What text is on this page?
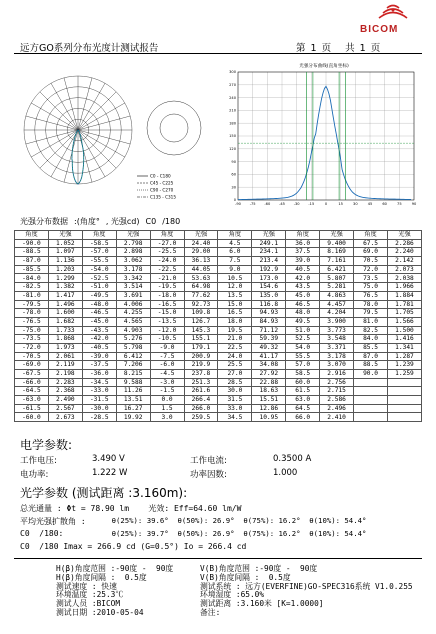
BICOM
远方GO系列分布光度计测试报告	第 1 页 共 1 页
C0 - C180
C45 - C225
C90 - C270
C135 - C315
光强分布曲线(直角坐标)
300
270
240
210
180
150
120
90
60
30
0
-90 -75 -60 -45 -30 -15	0	15	30	45	60	75	90
光强分布数据 :(角度° , 光强cd) C0 /180
角度	光强	角度	光强	角度	光强	角度	光强	角度	光强	角度	光强
-90.0	1.052	-58.5	2.798	-27.0	24.40	4.5	249.1	36.0	9.400	67.5	2.286
-88.5	1.097	-57.0	2.898	-25.5	29.00	6.0	234.1	37.5	8.169	69.0	2.240
-87.0	1.136	-55.5	3.062	-24.0	36.13	7.5	213.4	39.0	7.161	70.5	2.142
-85.5	1.203	-54.0	3.178	-22.5	44.05	9.0	192.9	40.5	6.421	72.0	2.073
-84.0	1.299	-52.5	3.342	-21.0	53.63	10.5	173.0	42.0	5.807	73.5	2.038
-82.5	1.382	-51.0	3.514	-19.5	64.98	12.0	154.6	43.5	5.281	75.0	1.966
-81.0	1.417	-49.5	3.691	-18.0	77.62	13.5	135.0	45.0	4.863	76.5	1.884
-79.5	1.496	-48.0	4.006	-16.5	92.73	15.0	116.8	46.5	4.457	78.0	1.781
-78.0	1.600	-46.5	4.255	-15.0	109.8	16.5	94.93	48.0	4.204	79.5	1.705
-76.5	1.682	-45.0	4.565	-13.5	126.7	18.0	84.93	49.5	3.900	81.0	1.566
-75.0	1.733	-43.5	4.903	-12.0	145.3	19.5	71.12	51.0	3.773	82.5	1.500
-73.5	1.868	-42.0	5.276	-10.5	155.1	21.0	59.39	52.5	3.548	84.0	1.416
-72.0	1.973	-40.5	5.798	-9.0	179.1	22.5	49.32	54.0	3.371	85.5	1.341
-70.5	2.061	-39.0	6.412	-7.5	200.9	24.0	41.17	55.5	3.178	87.0	1.287
-69.0	2.119	-37.5	7.206	-6.0	219.9	25.5	34.08	57.0	3.070	88.5	1.239
-67.5	2.198	-36.0	8.215	-4.5	237.8	27.0	27.92	58.5	2.916	90.0	1.259
-66.0	2.283	-34.5	9.588	-3.0	251.3	28.5	22.88	60.0	2.756		
-64.5	2.368	-33.0	11.26	-1.5	261.6	30.0	18.63	61.5	2.715		
-63.0	2.490	-31.5	13.51	0.0	266.4	31.5	15.51	63.0	2.586		
-61.5	2.567	-30.0	16.27	1.5	266.0	33.0	12.86	64.5	2.496		
-60.0	2.673	-28.5	19.92	3.0	259.5	34.5	10.95	66.0	2.410		
电学参数:
工作电压:	3.490 V	工作电流:	0.3500 A
电功率:	1.222 W	功率因数:	1.000
光学参数 (测试距离 :3.160m):
总光通量 : Φt = 78.90 lm    光效: Eff=64.60 lm/W
平均光强扩散角 : θ(25%): 39.6°  θ(50%): 26.9°  θ(75%): 16.2°  θ(10%): 54.4°
C0  /180:	θ(25%): 39.7°  θ(50%): 26.9°  θ(75%): 16.2°  θ(10%): 54.4°
C0  /180 Imax = 266.9 cd (G=0.5°) Io = 266.4 cd
H(β)角度范围 :-90度 -  90度
H(β)角度间隔 :  0.5度
测试速度 : 快速
环境温度 :25.3℃
测试人员 :BICOM
测试日期 :2010-05-04
V(B)角度范围 :-90度 -  90度
V(B)角度间隔 :  0.5度
测试系统 : 远方(EVERFINE)GO-SPEC316系统 V1.0.255
环境湿度 :65.0%
测试距离 :3.160米 [K=1.0000]
备注:
